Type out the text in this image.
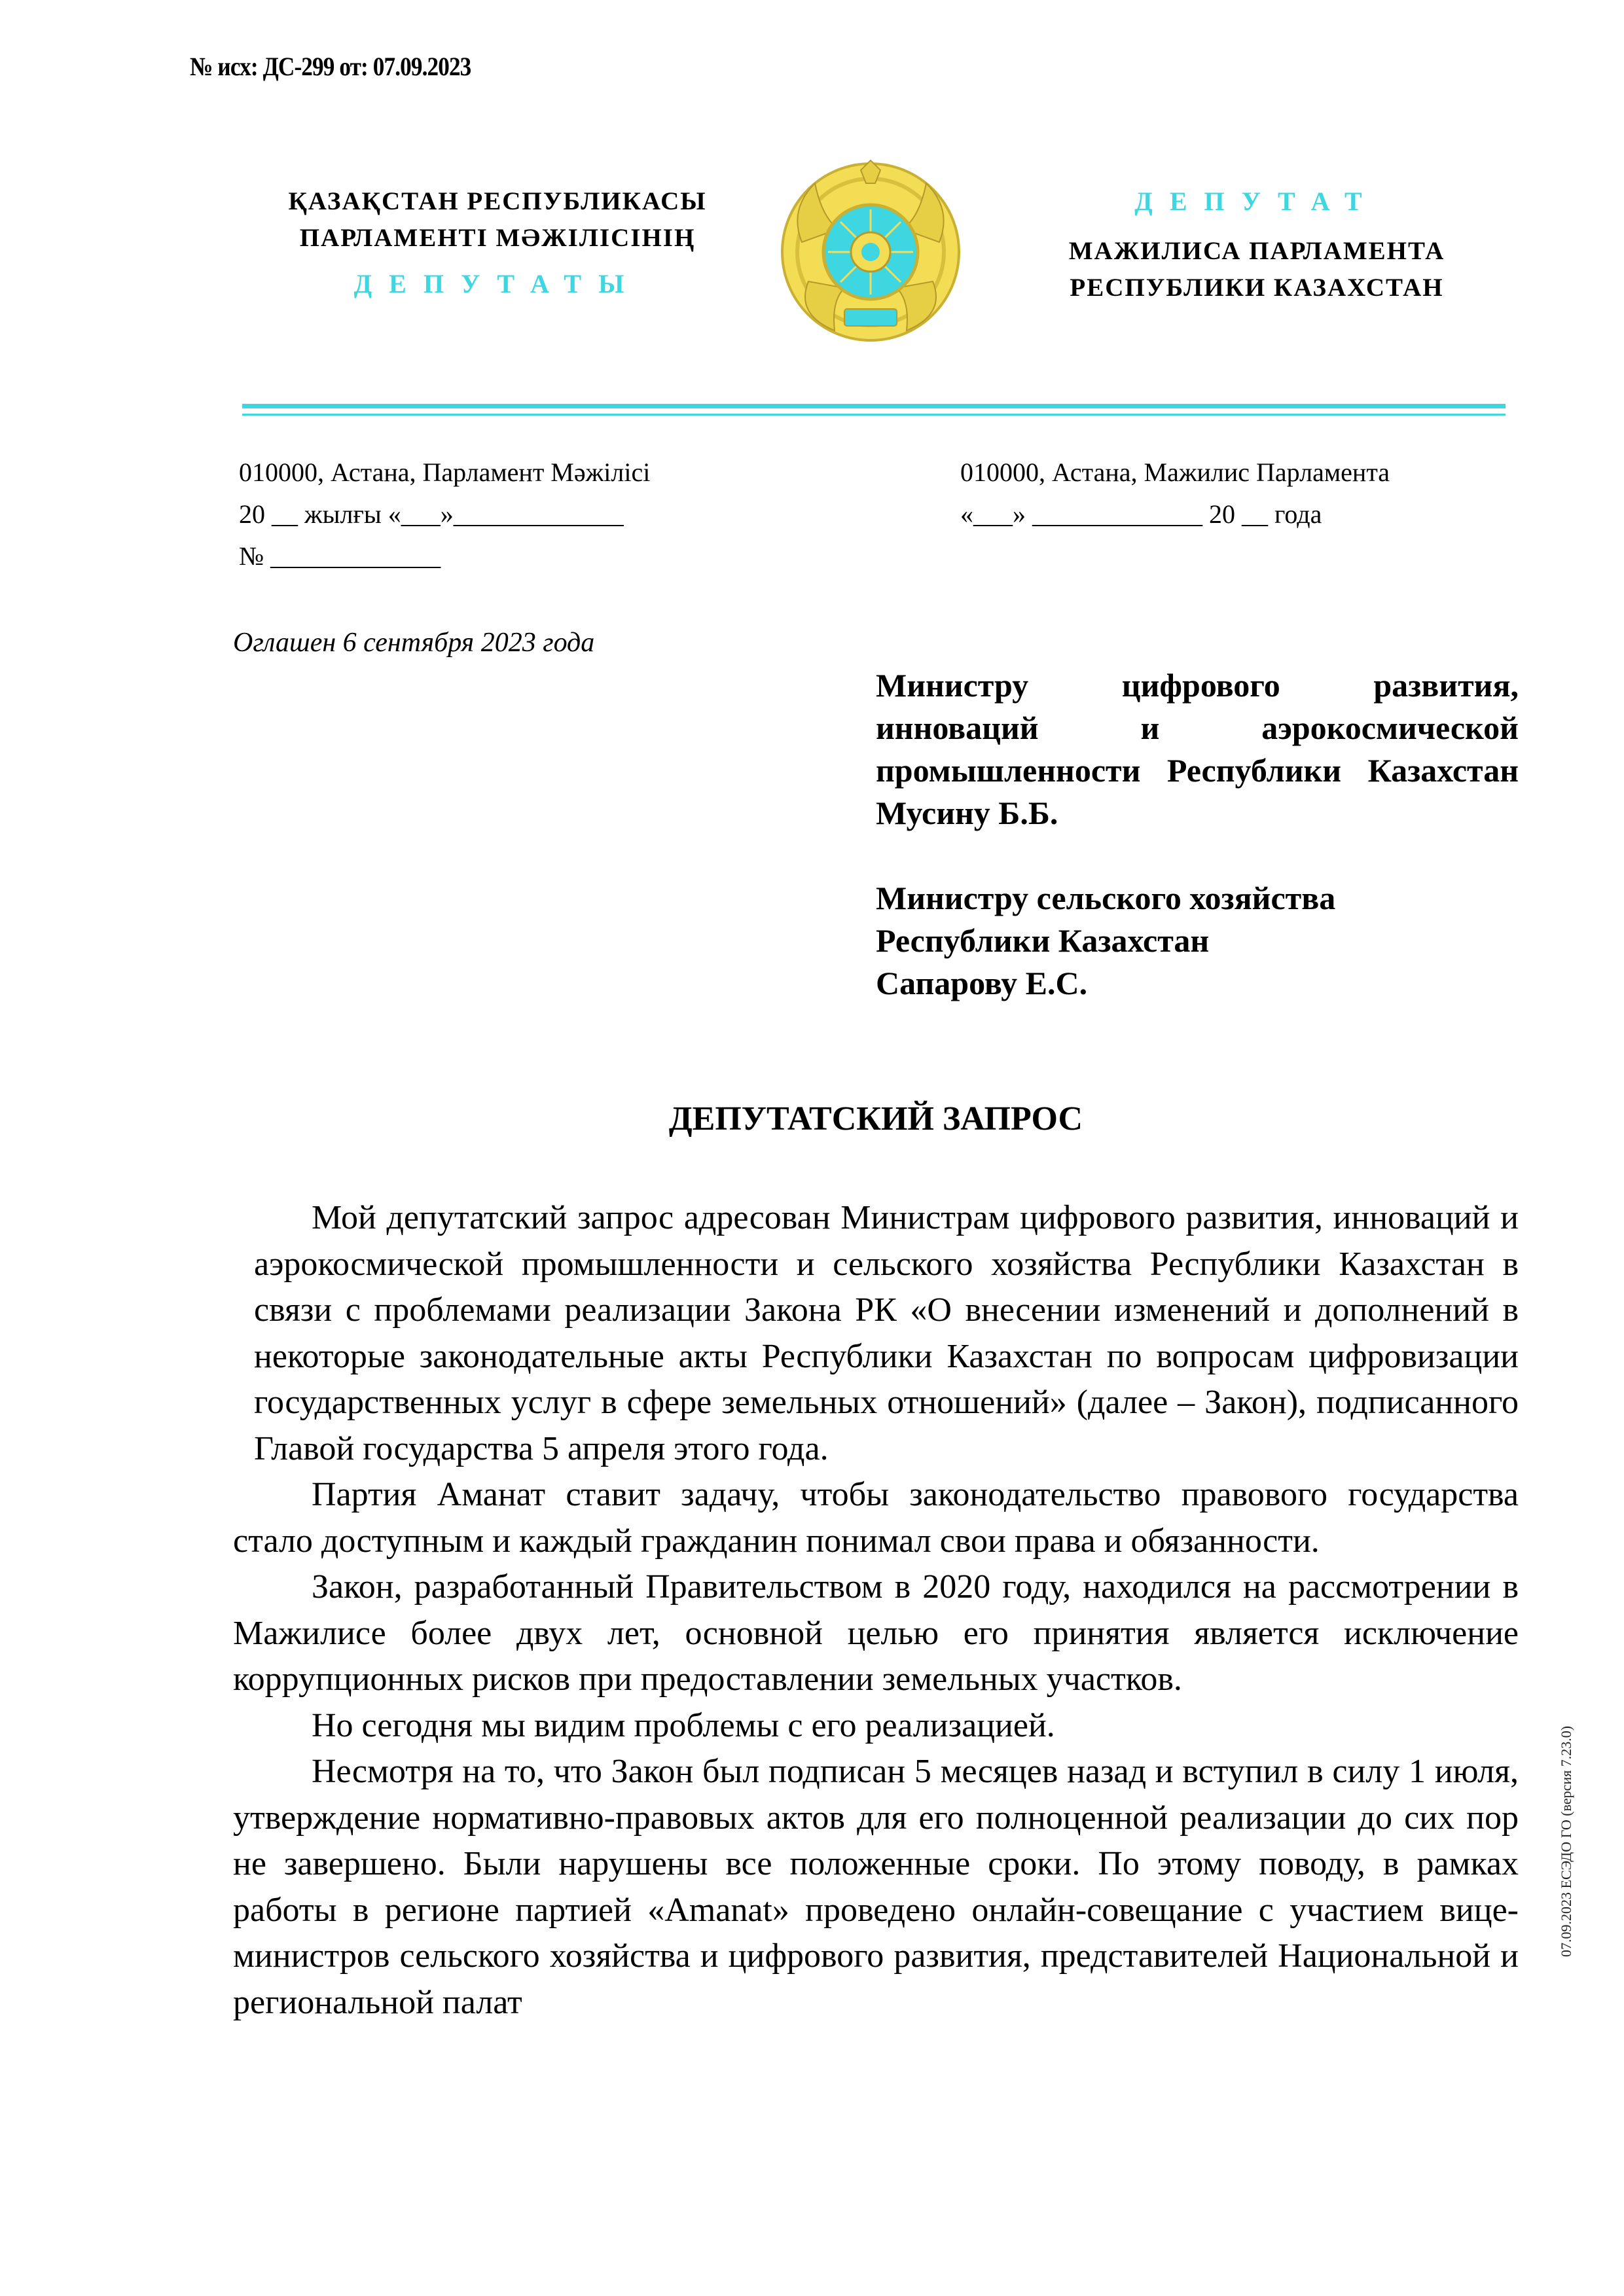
№ исх: ДС-299 от: 07.09.2023
ҚАЗАҚСТАН РЕСПУБЛИКАСЫ
ПАРЛАМЕНТІ МӘЖІЛІСІНІҢ
ДЕПУТАТЫ
ДЕПУТАТ
МАЖИЛИСА ПАРЛАМЕНТА
РЕСПУБЛИКИ КАЗАХСТАН
010000, Астана, Парламент Мәжілісі
20 __ жылғы «___»_____________
№ _____________
010000, Астана, Мажилис Парламента
«___» _____________ 20 __ года
Оглашен 6 сентября 2023 года
Министру цифрового развития, инноваций и аэрокосмической промышленности Республики Казахстан Мусину Б.Б.
Министру сельского хозяйства
Республики Казахстан
Сапарову Е.С.
ДЕПУТАТСКИЙ ЗАПРОС

Мой депутатский запрос адресован Министрам цифрового развития, инноваций и аэрокосмической промышленности и сельского хозяйства Республики Казахстан в связи с проблемами реализации Закона РК «О внесении изменений и дополнений в некоторые законодательные акты Республики Казахстан по вопросам цифровизации государственных услуг в сфере земельных отношений» (далее – Закон), подписанного Главой государства 5 апреля этого года.

Партия Аманат ставит задачу, чтобы законодательство правового государства стало доступным и каждый гражданин понимал свои права и обязанности.

Закон, разработанный Правительством в 2020 году, находился на рассмотрении в Мажилисе более двух лет, основной целью его принятия является исключение коррупционных рисков при предоставлении земельных участков.

Но сегодня мы видим проблемы с его реализацией.

Несмотря на то, что Закон был подписан 5 месяцев назад и вступил в силу 1 июля, утверждение нормативно-правовых актов для его полноценной реализации до сих пор не завершено. Были нарушены все положенные сроки. По этому поводу, в рамках работы в регионе партией «Amanat» проведено онлайн-совещание с участием вице-министров сельского хозяйства и цифрового развития, представителей Национальной и региональной палат

07.09.2023 ЕСЭДО ГО (версия 7.23.0)
